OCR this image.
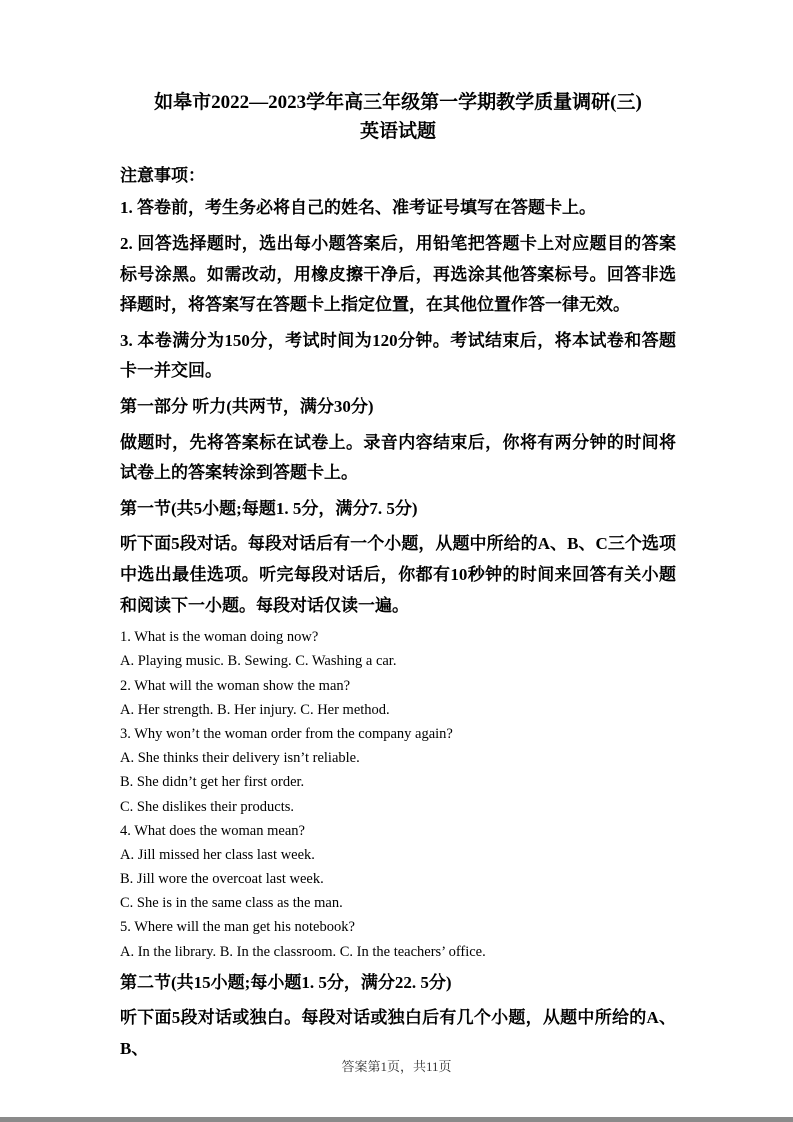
如皋市2022—2023学年高三年级第一学期教学质量调研(三)
英语试题

注意事项：

1. 答卷前，考生务必将自己的姓名、准考证号填写在答题卡上。

2. 回答选择题时，选出每小题答案后，用铅笔把答题卡上对应题目的答案标号涂黑。如需改动，用橡皮擦干净后，再选涂其他答案标号。回答非选择题时，将答案写在答题卡上指定位置，在其他位置作答一律无效。

3. 本卷满分为150分，考试时间为120分钟。考试结束后，将本试卷和答题卡一并交回。

第一部分 听力(共两节，满分30分)

做题时，先将答案标在试卷上。录音内容结束后，你将有两分钟的时间将试卷上的答案转涂到答题卡上。

第一节(共5小题;每题1. 5分，满分7. 5分)

听下面5段对话。每段对话后有一个小题，从题中所给的A、B、C三个选项中选出最佳选项。听完每段对话后，你都有10秒钟的时间来回答有关小题和阅读下一小题。每段对话仅读一遍。

1. What is the woman doing now?

A. Playing music. B. Sewing. C. Washing a car.

2. What will the woman show the man?

A. Her strength. B. Her injury. C. Her method.

3. Why won’t the woman order from the company again?

A. She thinks their delivery isn’t reliable.

B. She didn’t get her first order.

C. She dislikes their products.

4. What does the woman mean?

A. Jill missed her class last week.

B. Jill wore the overcoat last week.

C. She is in the same class as the man.

5. Where will the man get his notebook?

A. In the library. B. In the classroom. C. In the teachers’ office.

第二节(共15小题;每小题1. 5分，满分22. 5分)

听下面5段对话或独白。每段对话或独白后有几个小题，从题中所给的A、B、

答案第1页，共11页
